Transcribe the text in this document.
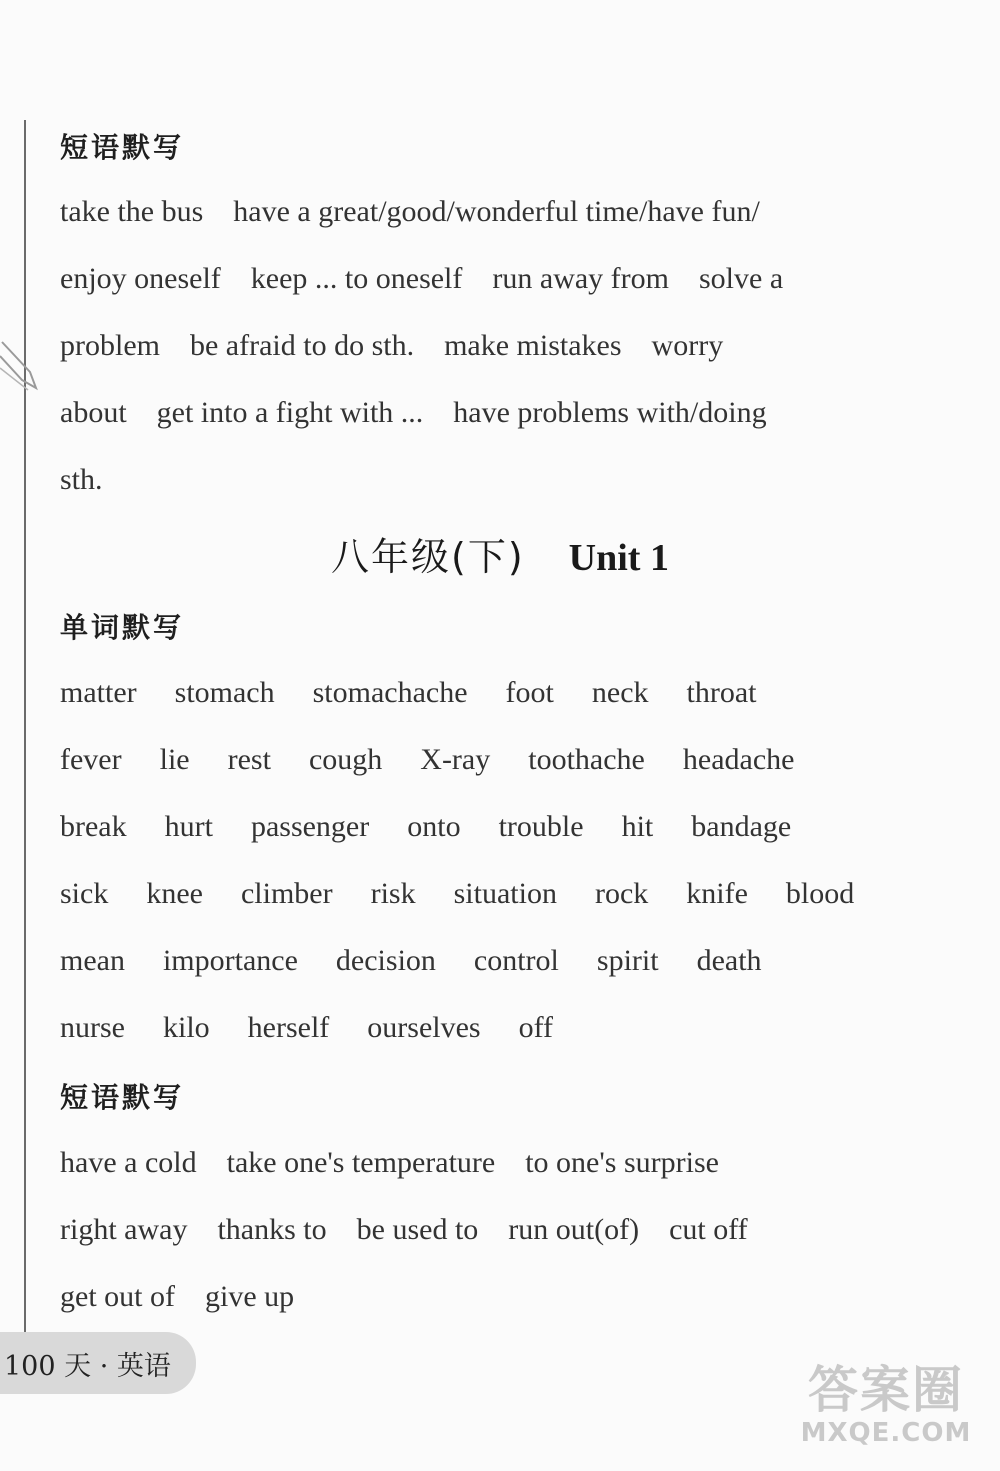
短语默写
take the bus have a great/good/wonderful time/have fun/
enjoy oneself keep ... to oneself run away from solve a
problem be afraid to do sth. make mistakes worry
about get into a fight with ... have problems with/doing
sth.
八年级(下) Unit 1
单词默写
matter stomach stomachache foot neck throat
fever lie rest cough X-ray toothache headache
break hurt passenger onto trouble hit bandage
sick knee climber risk situation rock knife blood
mean importance decision control spirit death
nurse kilo herself ourselves off
短语默写
have a cold take one's temperature to one's surprise
right away thanks to be used to run out(of) cut off
get out of give up
100 天 · 英语	答案圈
MXQE.COM
